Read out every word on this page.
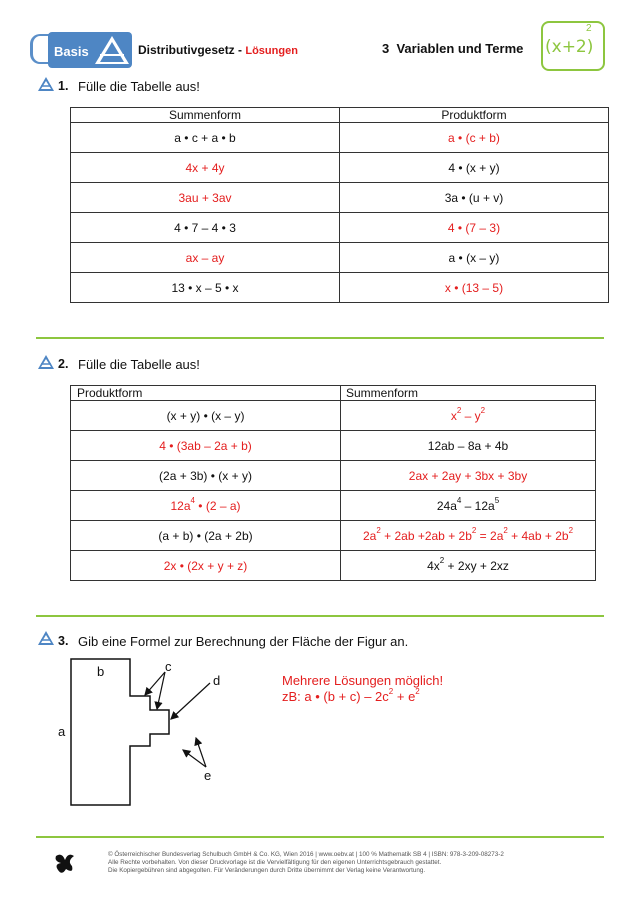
Basis	Distributivgesetz - Lösungen	3  Variablen und Terme (x+2)
2
1. Fülle die Tabelle aus!
Summenform	Produktform
a • c + a • b	a • (c + b)
4x + 4y	4 • (x + y)
3au + 3av	3a • (u + v)
4 • 7 – 4 • 3	4 • (7 – 3)
ax – ay	a • (x – y)
13 • x – 5 • x	x • (13 – 5)
2. Fülle die Tabelle aus!
Produktform	Summenform
(x + y) • (x – y)	$x^2 - y^2$
4 • (3ab – 2a + b)	12ab – 8a + 4b
(2a + 3b) • (x + y)	2ax + 2ay + 3bx + 3by
$12a^4$ • (2 – a)	$24a^4 - 12a^5$
(a + b) • (2a + 2b)	$2a^2 + 2ab +2ab + 2b^2 = 2a^2 + 4ab + 2b^2$
2x • (2x + y + z)	$4x^2 + 2xy + 2xz$
3. Gib eine Formel zur Berechnung der Fläche der Figur an.
b	c
d
a
e
Mehrere Lösungen möglich!
zB: a • $(b + c) - 2c^2 + e^2$
© Österreichischer Bundesverlag Schulbuch GmbH & Co. KG, Wien 2016 | www.oebv.at | 100 % Mathematik SB 4 | ISBN: 978-3-209-08273-2
Alle Rechte vorbehalten. Von dieser Druckvorlage ist die Vervielfältigung für den eigenen Unterrichtsgebrauch gestattet.
Die Kopiergebühren sind abgegolten. Für Veränderungen durch Dritte übernimmt der Verlag keine Verantwortung.
